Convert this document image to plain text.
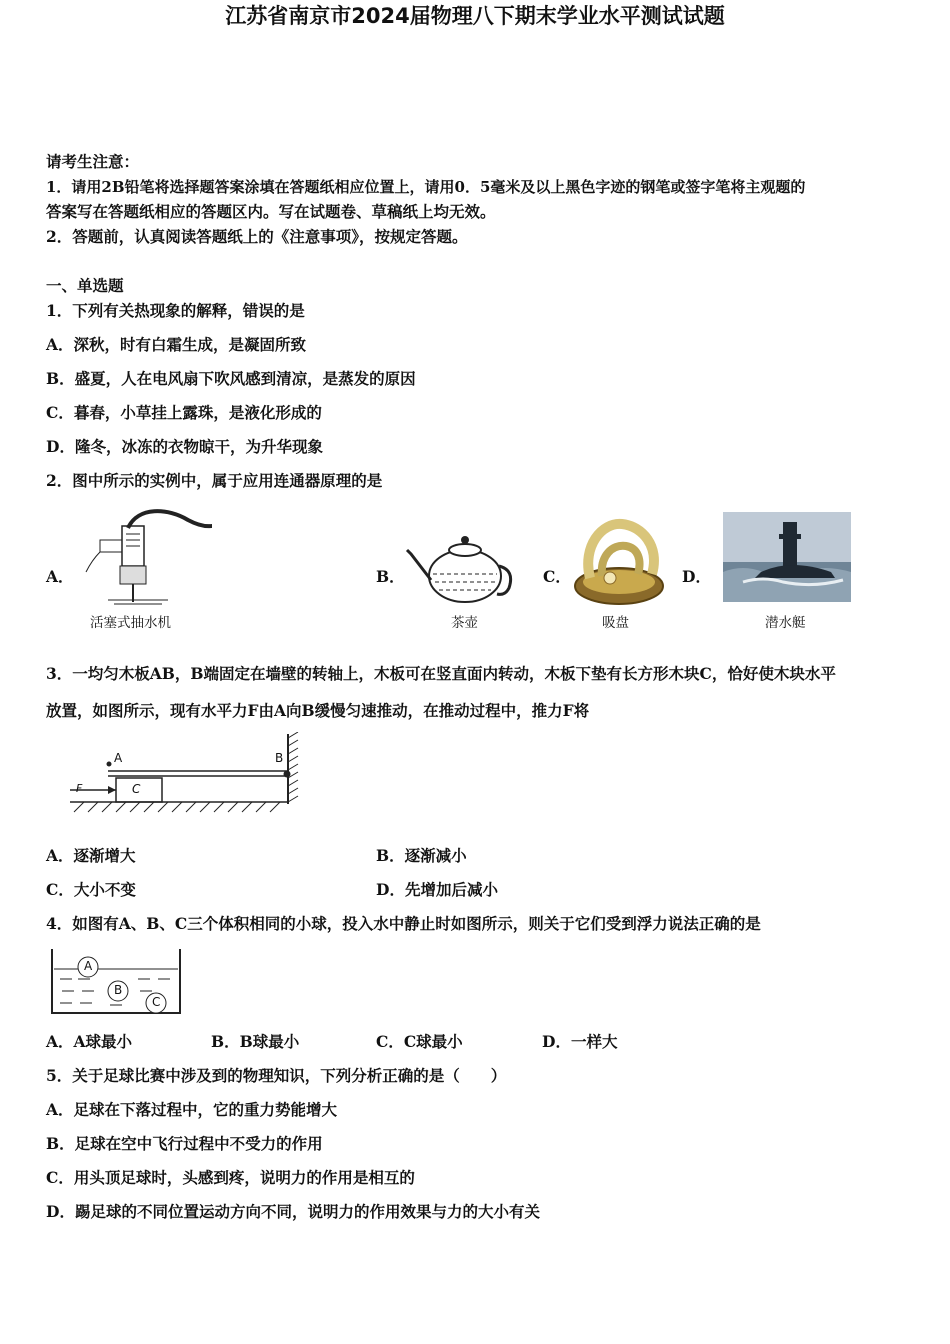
江苏省南京市2024届物理八下期末学业水平测试试题
请考生注意：
1．请用2B铅笔将选择题答案涂填在答题纸相应位置上，请用0．5毫米及以上黑色字迹的钢笔或签字笔将主观题的
答案写在答题纸相应的答题区内。写在试题卷、草稿纸上均无效。
2．答题前，认真阅读答题纸上的《注意事项》，按规定答题。
一、单选题
1．下列有关热现象的解释，错误的是
A．深秋，时有白霜生成，是凝固所致
B．盛夏，人在电风扇下吹风感到清凉，是蒸发的原因
C．暮春，小草挂上露珠，是液化形成的
D．隆冬，冰冻的衣物晾干，为升华现象
2．图中所示的实例中，属于应用连通器原理的是
A．
活塞式抽水机
B．
茶壶
C．
吸盘
D．
潜水艇
3．一均匀木板AB，B端固定在墙壁的转轴上，木板可在竖直面内转动，木板下垫有长方形木块C，恰好使木块水平
放置，如图所示，现有水平力F由A向B缓慢匀速推动，在推动过程中，推力F将
A	B
C
F
A．逐渐增大	B．逐渐减小
C．大小不变	D．先增加后减小
4．如图有A、B、C三个体积相同的小球，投入水中静止时如图所示，则关于它们受到浮力说法正确的是
A
B
C
A．A球最小	B．B球最小	C．C球最小	D．一样大
5．关于足球比赛中涉及到的物理知识，下列分析正确的是（　　）
A．足球在下落过程中，它的重力势能增大
B．足球在空中飞行过程中不受力的作用
C．用头顶足球时，头感到疼，说明力的作用是相互的
D．踢足球的不同位置运动方向不同，说明力的作用效果与力的大小有关
